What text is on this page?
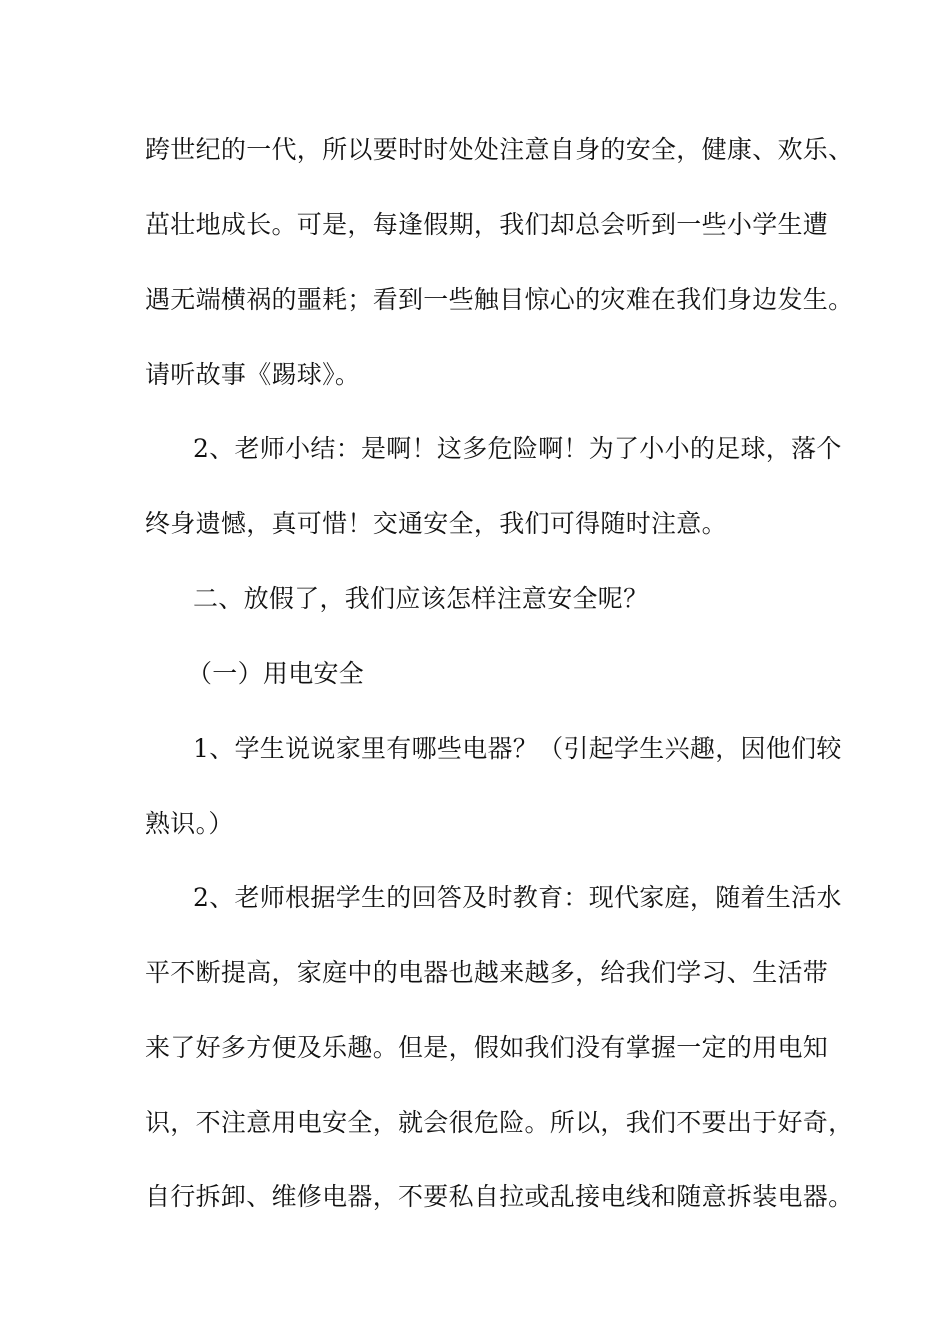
跨世纪的一代，所以要时时处处注意自身的安全，健康、欢乐、
茁壮地成长。可是，每逢假期，我们却总会听到一些小学生遭
遇无端横祸的噩耗；看到一些触目惊心的灾难在我们身边发生。
请听故事《踢球》。
2、老师小结：是啊！这多危险啊！为了小小的足球，落个
终身遗憾，真可惜！交通安全，我们可得随时注意。
二、放假了，我们应该怎样注意安全呢？
（一）用电安全
1、学生说说家里有哪些电器？（引起学生兴趣，因他们较
熟识。）
2、老师根据学生的回答及时教育：现代家庭，随着生活水
平不断提高，家庭中的电器也越来越多，给我们学习、生活带
来了好多方便及乐趣。但是，假如我们没有掌握一定的用电知
识，不注意用电安全，就会很危险。所以，我们不要出于好奇，
自行拆卸、维修电器，不要私自拉或乱接电线和随意拆装电器。
